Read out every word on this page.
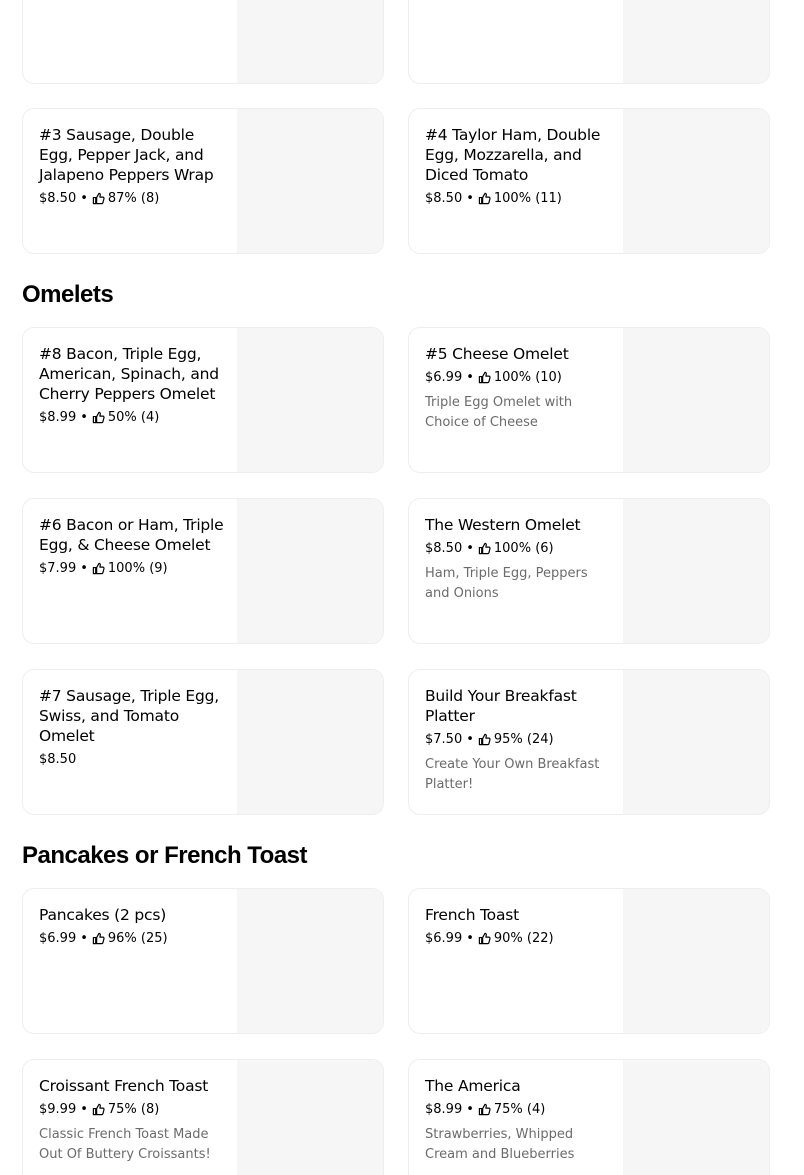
#3 Sausage, Double Egg, Pepper Jack, and Jalapeno Peppers Wrap
$8.50 • 87% (8)
#4 Taylor Ham, Double Egg, Mozzarella, and Diced Tomato
$8.50 • 100% (11)
Omelets
#8 Bacon, Triple Egg, American, Spinach, and Cherry Peppers Omelet
$8.99 • 50% (4)
#5 Cheese Omelet
$6.99 • 100% (10)
Triple Egg Omelet with Choice of Cheese
#6 Bacon or Ham, Triple Egg, & Cheese Omelet
$7.99 • 100% (9)
The Western Omelet
$8.50 • 100% (6)
Ham, Triple Egg, Peppers and Onions
#7 Sausage, Triple Egg, Swiss, and Tomato Omelet
$8.50
Build Your Breakfast Platter
$7.50 • 95% (24)
Create Your Own Breakfast Platter!
Pancakes or French Toast
Pancakes (2 pcs)
$6.99 • 96% (25)
French Toast
$6.99 • 90% (22)
Croissant French Toast
$9.99 • 75% (8)
Classic French Toast Made Out Of Buttery Croissants!
The America
$8.99 • 75% (4)
Strawberries, Whipped Cream and Blueberries
